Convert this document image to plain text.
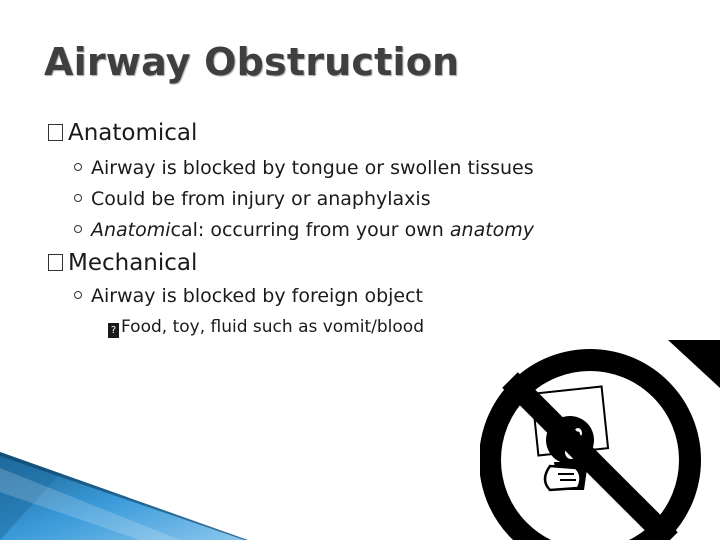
Airway Obstruction
Anatomical
Airway is blocked by tongue or swollen tissues
Could be from injury or anaphylaxis
Anatomical: occurring from your own anatomy
Mechanical
Airway is blocked by foreign object
? Food, toy, fluid such as vomit/blood
